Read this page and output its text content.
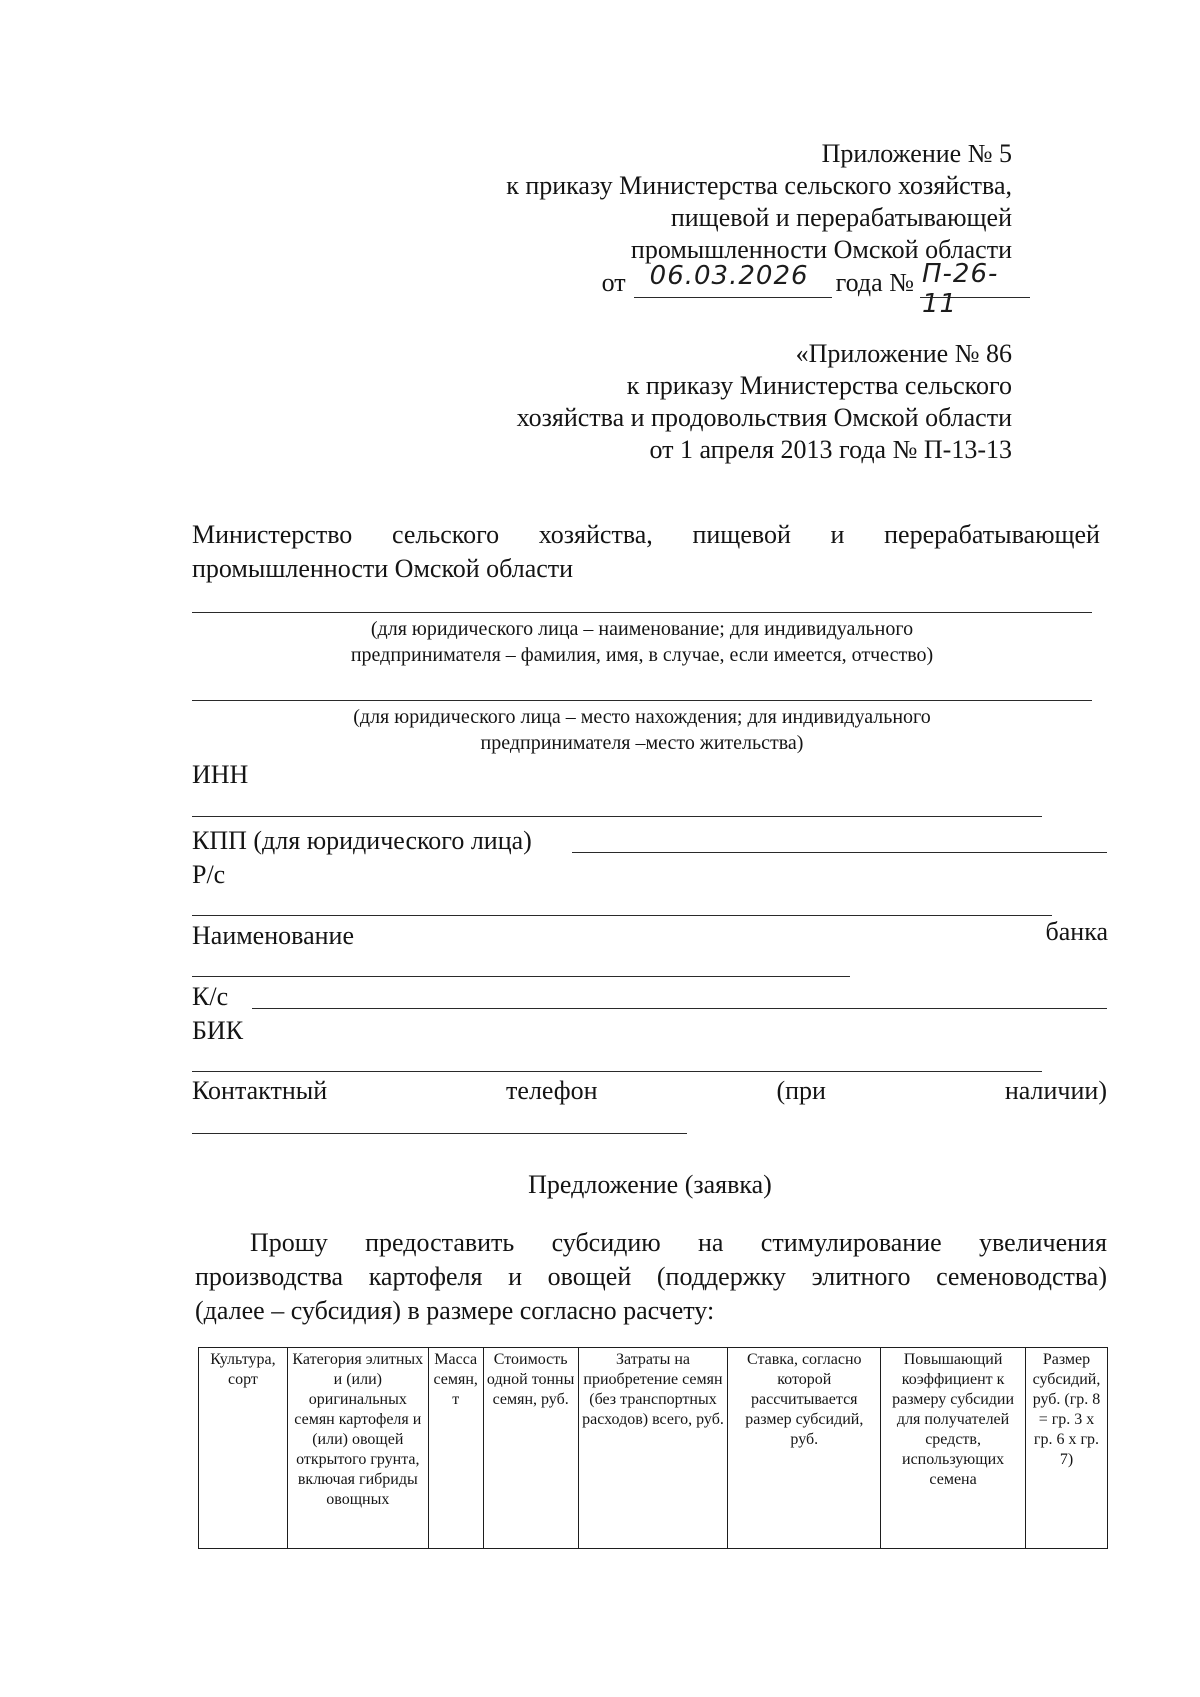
Приложение № 5
к приказу Министерства сельского хозяйства,
пищевой и перерабатывающей
промышленности Омской области
от 06.03.2026 года № П-26-11
«Приложение № 86
к приказу Министерства сельского
хозяйства и продовольствия Омской области
от 1 апреля 2013 года № П-13-13
Министерство сельского хозяйства, пищевой и перерабатывающей
промышленности Омской области
(для юридического лица – наименование; для индивидуального
предпринимателя – фамилия, имя, в случае, если имеется, отчество)
(для юридического лица – место нахождения; для индивидуального
предпринимателя –место жительства)
ИНН
КПП (для юридического лица)
Р/с
Наименование	банка
К/с
БИК
Контактный	телефон	(при	наличии)
Предложение (заявка)
Прошу предоставить субсидию на стимулирование увеличения
производства картофеля и овощей (поддержку элитного семеноводства)
(далее – субсидия) в размере согласно расчету:
Культура, сорт	Категория элитных и (или) оригинальных семян картофеля и (или) овощей открытого грунта, включая гибриды овощных	Масса семян, т	Стоимость одной тонны семян, руб.	Затраты на приобретение семян (без транспортных расходов) всего, руб.	Ставка, согласно которой рассчитывается размер субсидий, руб.	Повышающий коэффициент к размеру субсидии для получателей средств, использующих семена	Размер субсидий, руб. (гр. 8 = гр. 3 х гр. 6 х гр. 7)
